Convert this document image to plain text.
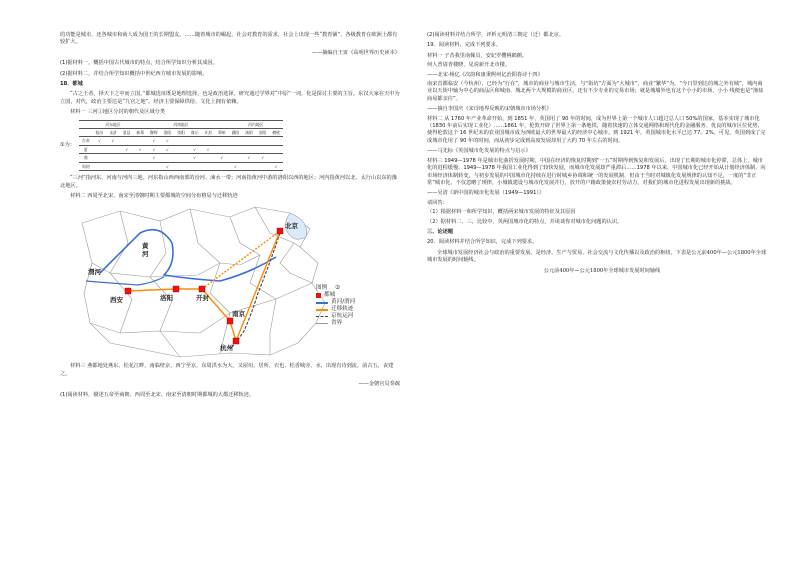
的功能是城市，还各城市和商人成为国王的长期盟友。……随着城市的崛起，社会对教育的需求，社会上出现一些“教育铺”，各级教育在欧洲土都有较扩大。

——摘编自王寅《高明世界历史读本》

(1)据材料一，概括中国古代城市的特点，结合所学知识分析其成因。

(2)据材料二，并结合所学知识概括中世纪西方城市发展的影响。

18．都城

“古之王者，择天下之中而立国。”都城选址既是地理选择，也是政治选择。研究通过学界对“中原”一词，化是探讨主要的主旨。东汉大家在天中为立国，对代，政治主要达是“九宫之地”。经济主要保障供给、文化上拥有依赖。

材料一 三河①地区分封的朝代及区域分类

①为：
	河东地区			河南地区							河内地区			
	临汾	永济	夏县	新郑	偃师	洛阳	荥阳	商丘	开封	郑州	濮阳	汤阴	安阳	鹤壁
古帝	√	√			√	√								
夏			√	√	√	√		√	√					
商					√			√		√		√	√	
周初						√					√			√

“三河”指河东、河南与河内三地。河东指山西西南部的汾河、涑水一带；河南指黄河中游的洛阳以西的地区；河内指黄河以北、太行山以东的豫北地区。

材料二 西周至北宋、南宋至清朝时期主要都城的空间分布格局与迁移轨迹

黄
河
渭河
西安	洛阳	开封
南京
杭州
北京
图例 ②
都城
黄河/渭河
迁移轨迹
京杭运河
省界

材料三 燕都地处燕东、松花江畔，南临壁京，西宁至京，东周洪水为大。又屋垣，居所、衣也、松香城旁、水，出现有诗到流，前古五，丧建之。

——金朝官员奏疏

(1)阅读材料，描述五帝至商朝、西周至北宋、南宋至清朝时期都城的大都迁移轨迹。

(2)阅读材料并结合所学，评析元明清三朝定（迁）都北京。

19．阅读材料，完成下列要求。

材料一 子昔我里南佩员，安妃罗樱桃鹤鹅。

何人普请青楼晓，见说新开北市楼。

——北宋·杨亿《次韵和康秉熙州亿治阳春诗十四》

南宋首都临安（今杭州），已经为“行在”，城市的商业与城市生活，与“街坊”方面为“大城市”，商业“繁华”为，“今日里到达的城之外有城”，城内商业以天街中轴为中心的商品区和城南、城北两个大规模的商业区，还有不少专业的交易市场；就是城墙外也有这个小小的市场，小小 线便也是“渔盐商易都亲往”。

——摘自李国庆《宋诗地界反映的宋朝城市市场分析》

材料二 从 1760 年产业革命开始，到 1851 年，英国用了 90 年的时间，成为世界上第一个城市人口超过总人口 50%的国家，基本实现了城市化（1830 年前后实现工业化）……1861 年，伦敦开辟了世界上第一条地铁，随着快速的立体交通网络和现代化的金融服务、优良的城市区位优势，使得伦敦这个 16 世纪末的农业国城市成为西欧最大的世界最大的经济中心城市。到 1921 年，英国城市化水平已达 77。2%，可见，英国到成了完成城市化用了 90 年的时间，而从初步完成到高度发展却用了大约 70 年左右的时间。

——马先标《英国城市化发展的特点与启示》

材料三 1949—1978 年是城市化曲折发展时期，中国在经济的恢复时期到“一五”时期得到恢复和发展后，出现了长期的城市化停滞，总体上，城市化的进程缓慢。1949—1978 年我国工业化得到了较快发展，而城市化发展却严重滞后……1978 年以来，中国城市化已经开始从计划经济体制、向市场经济体制转变，与初步发展的中国城市化持续在进行时城乡协调和统一的发展机制，但由于当时对城镇化发展规律的认知不足，一度的“非正常”城市化，不仅忽略了规律，小城镇建设与城市化发展并行，放开的户籍政策使农村劳动力，对我们的城市化进程发展出现新的挑战。

——吴清《新中国的城市化发展（1949—1991）》

请回答：

（1）根据材料一和所学知识，概括两宋城市发展的特征及其原因

（2）据材料二、三，比较中、英两国城市化的特点，并谈谈你对城市化问题的认识。

三、论述题

20．阅读材料并结合所学知识，完成下列要求。

全球城市发展经济社会与政治的重要发展，是经济、生产与贸易、社会交流与文化传播以及政治的枢纽。下表是公元前400年—公元1800年全球城市发展的时间轴线。

公元前400年—公元1800年全球城市发展时间轴线
